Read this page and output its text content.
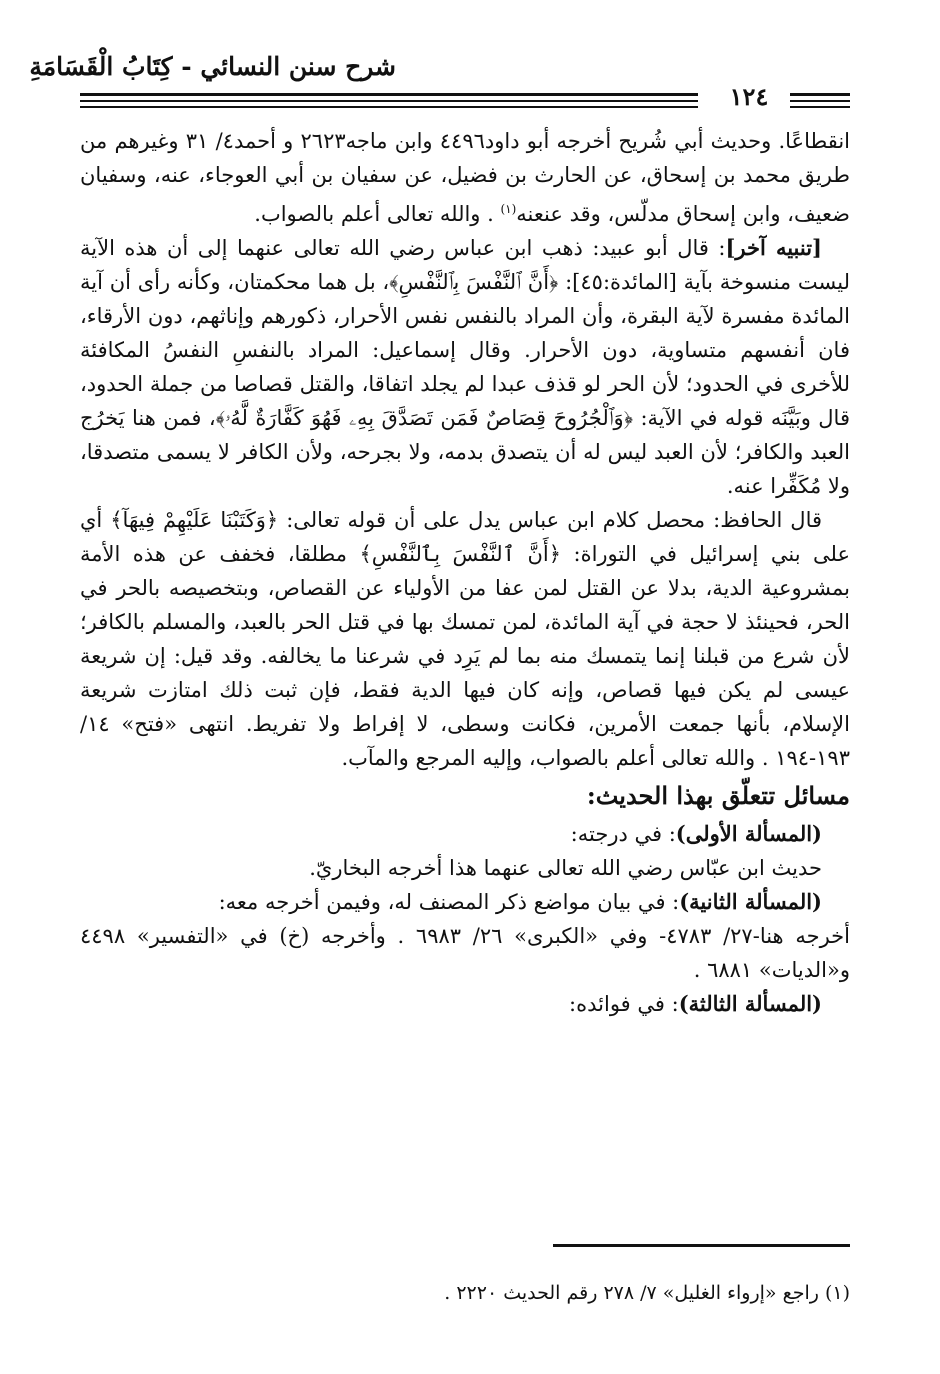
شرح سنن النسائي - كِتَابُ الْقَسَامَةِ
١٢٤

انقطاعًا. وحديث أبي شُريح أخرجه أبو داود٤٤٩٦ وابن ماجه٢٦٢٣ و أحمد٤/ ٣١ وغيرهم من طريق محمد بن إسحاق، عن الحارث بن فضيل، عن سفيان بن أبي العوجاء، عنه، وسفيان ضعيف، وابن إسحاق مدلّس، وقد عنعنه$^{(١)}$ . والله تعالى أعلم بالصواب.

[تنبيه آخر]: قال أبو عبيد: ذهب ابن عباس رضي الله تعالى عنهما إلى أن هذه الآية ليست منسوخة بآية [المائدة:٤٥]: ﴿أَنَّ ٱلنَّفْسَ بِٱلنَّفْسِ﴾، بل هما محكمتان، وكأنه رأى أن آية المائدة مفسرة لآية البقرة، وأن المراد بالنفس نفس الأحرار، ذكورهم وإناثهم، دون الأرقاء، فان أنفسهم متساوية، دون الأحرار. وقال إسماعيل: المراد بالنفسِ النفسُ المكافئة للأخرى في الحدود؛ لأن الحر لو قذف عبدا لم يجلد اتفاقا، والقتل قصاصا من جملة الحدود، قال وبَيَّنَه قوله في الآية: ﴿وَٱلْجُرُوحَ قِصَاصٌ فَمَن تَصَدَّقَ بِهِۦ فَهُوَ كَفَّارَةٌ لَّهُۥ﴾، فمن هنا يَخرُج العبد والكافر؛ لأن العبد ليس له أن يتصدق بدمه، ولا بجرحه، ولأن الكافر لا يسمى متصدقا، ولا مُكَفِّرا عنه.

قال الحافظ: محصل كلام ابن عباس يدل على أن قوله تعالى: ﴿وَكَتَبْنَا عَلَيْهِمْ فِيهَآ﴾ أي على بني إسرائيل في التوراة: ﴿أَنَّ ٱلنَّفْسَ بِٱلنَّفْسِ﴾ مطلقا، فخفف عن هذه الأمة بمشروعية الدية، بدلا عن القتل لمن عفا من الأولياء عن القصاص، وبتخصيصه بالحر في الحر، فحينئذ لا حجة في آية المائدة، لمن تمسك بها في قتل الحر بالعبد، والمسلم بالكافر؛ لأن شرع من قبلنا إنما يتمسك منه بما لم يَرِد في شرعنا ما يخالفه. وقد قيل: إن شريعة عيسى لم يكن فيها قصاص، وإنه كان فيها الدية فقط، فإن ثبت ذلك امتازت شريعة الإسلام، بأنها جمعت الأمرين، فكانت وسطى، لا إفراط ولا تفريط. انتهى «فتح» ١٤/ ١٩٣-١٩٤ . والله تعالى أعلم بالصواب، وإليه المرجع والمآب.

مسائل تتعلّق بهذا الحديث:

(المسألة الأولى): في درجته:

حديث ابن عبّاس رضي الله تعالى عنهما هذا أخرجه البخاريّ.

(المسألة الثانية): في بيان مواضع ذكر المصنف له، وفيمن أخرجه معه:

أخرجه هنا-٢٧/ ٤٧٨٣- وفي «الكبرى» ٢٦/ ٦٩٨٣ . وأخرجه (خ) في «التفسير» ٤٤٩٨ و«الديات» ٦٨٨١ .

(المسألة الثالثة): في فوائده:

(١) راجع «إرواء الغليل» ٧/ ٢٧٨ رقم الحديث ٢٢٢٠ .
